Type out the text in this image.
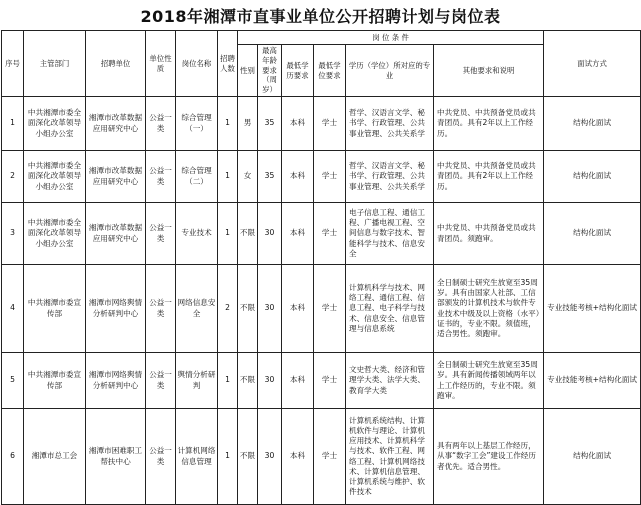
2018年湘潭市直事业单位公开招聘计划与岗位表
序号	主管部门	招聘单位	单位性质	岗位名称	招聘人数	岗 位 条 件						面试方式
						性别	最高年龄要求（周岁）	最低学历要求	最低学位要求	学历（学位）所对应的专业	其他要求和说明	
1	中共湘潭市委全面深化改革领导小组办公室	湘潭市改革数据应用研究中心	公益一类	综合管理（一）	1	男	35	本科	学士	哲学、汉语言文学、秘书学、行政管理、公共事业管理、公共关系学	中共党员、中共预备党员或共青团员。具有2年以上工作经历。	结构化面试
2	中共湘潭市委全面深化改革领导小组办公室	湘潭市改革数据应用研究中心	公益一类	综合管理（二）	1	女	35	本科	学士	哲学、汉语言文学、秘书学、行政管理、公共事业管理、公共关系学	中共党员、中共预备党员或共青团员。具有2年以上工作经历。	结构化面试
3	中共湘潭市委全面深化改革领导小组办公室	湘潭市改革数据应用研究中心	公益一类	专业技术	1	不限	30	本科	学士	电子信息工程、通信工程、广播电视工程、空间信息与数字技术、智能科学与技术、信息安全	中共党员、中共预备党员或共青团员。须跑审。	结构化面试
4	中共湘潭市委宣传部	湘潭市网络舆情分析研判中心	公益一类	网络信息安全	2	不限	30	本科	学士	计算机科学与技术、网络工程、通信工程、信息工程、电子科学与技术、信息安全、信息管理与信息系统	全日制硕士研究生放宽至35周岁。具有由国家人社部、工信部颁发的计算机技术与软件专业技术中级及以上资格（水平）证书的，专业不限。须值班，适合男性。须跑审。	专业技能考核+结构化面试
5	中共湘潭市委宣传部	湘潭市网络舆情分析研判中心	公益一类	舆情分析研判	1	不限	30	本科	学士	文史哲大类、经济和管理学大类、法学大类、教育学大类	全日制硕士研究生放宽至35周岁。具有新闻传播领域两年以上工作经历的，专业不限。须跑审。	专业技能考核+结构化面试
6	湘潭市总工会	湘潭市困难职工帮扶中心	公益一类	计算机网络信息管理	1	不限	30	本科	学士	计算机系统结构、计算机软件与理论、计算机应用技术、计算机科学与技术、软件工程、网络工程、计算机网络技术、计算机信息管理、计算机系统与维护、软件技术	具有两年以上基层工作经历，从事“数字工会”建设工作经历者优先。适合男性。	结构化面试
